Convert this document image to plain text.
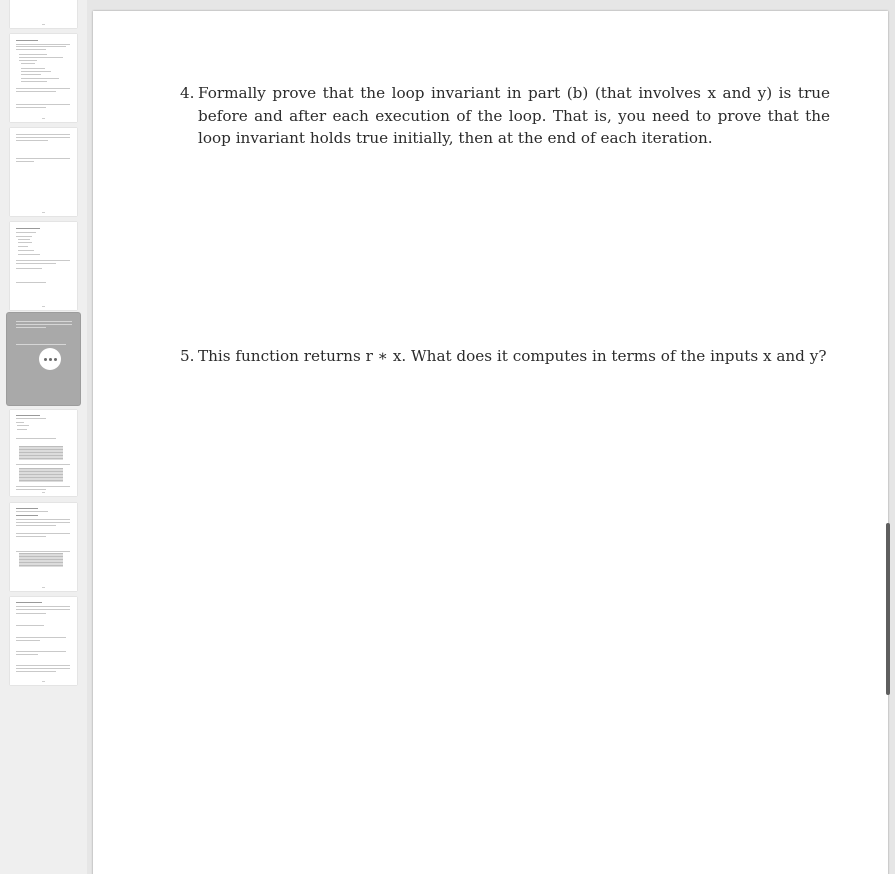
4. Formally prove that the loop invariant in part (b) (that involves x and y) is true before and after each execution of the loop. That is, you need to prove that the loop invariant holds true initially, then at the end of each iteration.
5. This function returns r ∗ x. What does it computes in terms of the inputs x and y?
